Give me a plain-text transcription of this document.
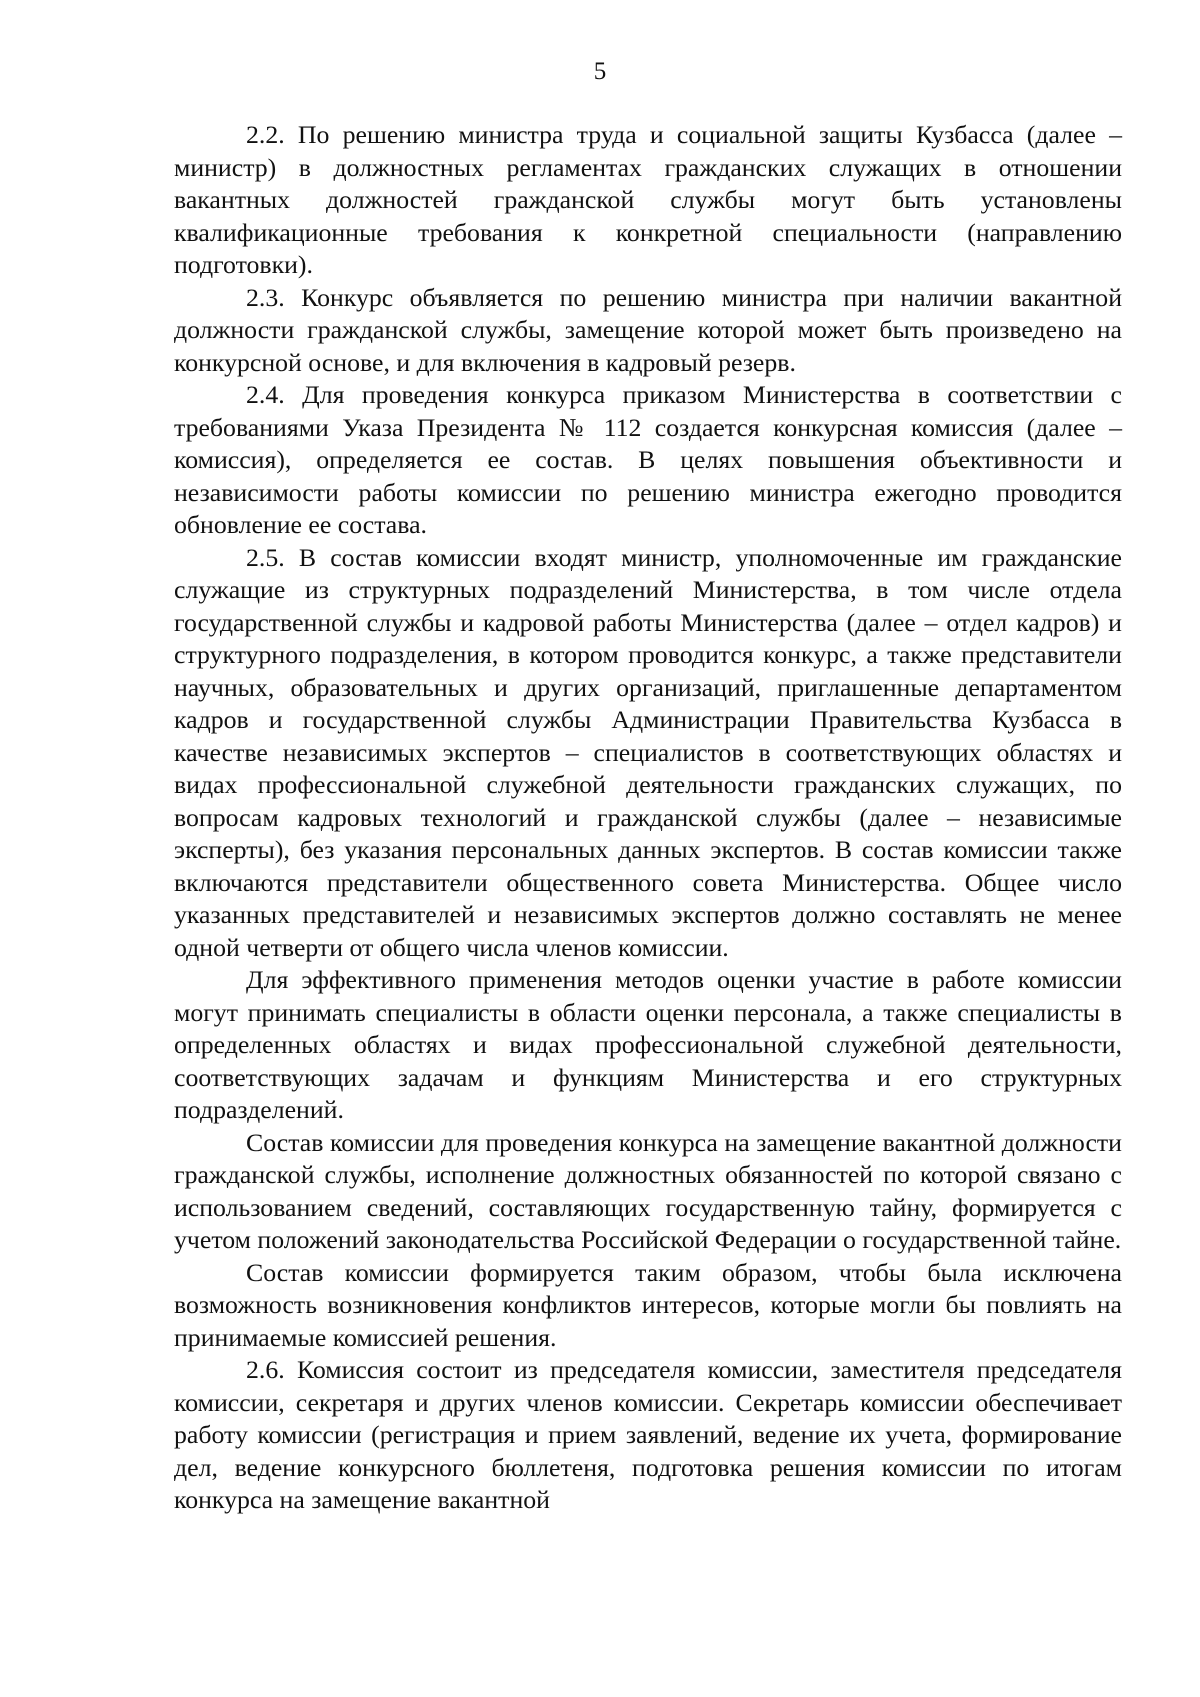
5

2.2. По решению министра труда и социальной защиты Кузбасса (далее – министр) в должностных регламентах гражданских служащих в отношении вакантных должностей гражданской службы могут быть установлены квалификационные требования к конкретной специальности (направлению подготовки).

2.3. Конкурс объявляется по решению министра при наличии вакантной должности гражданской службы, замещение которой может быть произведено на конкурсной основе, и для включения в кадровый резерв.

2.4. Для проведения конкурса приказом Министерства в соответствии с требованиями Указа Президента № 112 создается конкурсная комиссия (далее – комиссия), определяется ее состав. В целях повышения объективности и независимости работы комиссии по решению министра ежегодно проводится обновление ее состава.

2.5. В состав комиссии входят министр, уполномоченные им гражданские служащие из структурных подразделений Министерства, в том числе отдела государственной службы и кадровой работы Министерства (далее – отдел кадров) и структурного подразделения, в котором проводится конкурс, а также представители научных, образовательных и других организаций, приглашенные департаментом кадров и государственной службы Администрации Правительства Кузбасса в качестве независимых экспертов – специалистов в соответствующих областях и видах профессиональной служебной деятельности гражданских служащих, по вопросам кадровых технологий и гражданской службы (далее – независимые эксперты), без указания персональных данных экспертов. В состав комиссии также включаются представители общественного совета Министерства. Общее число указанных представителей и независимых экспертов должно составлять не менее одной четверти от общего числа членов комиссии.

Для эффективного применения методов оценки участие в работе комиссии могут принимать специалисты в области оценки персонала, а также специалисты в определенных областях и видах профессиональной служебной деятельности, соответствующих задачам и функциям Министерства и его структурных подразделений.

Состав комиссии для проведения конкурса на замещение вакантной должности гражданской службы, исполнение должностных обязанностей по которой связано с использованием сведений, составляющих государственную тайну, формируется с учетом положений законодательства Российской Федерации о государственной тайне.

Состав комиссии формируется таким образом, чтобы была исключена возможность возникновения конфликтов интересов, которые могли бы повлиять на принимаемые комиссией решения.

2.6. Комиссия состоит из председателя комиссии, заместителя председателя комиссии, секретаря и других членов комиссии. Секретарь комиссии обеспечивает работу комиссии (регистрация и прием заявлений, ведение их учета, формирование дел, ведение конкурсного бюллетеня, подготовка решения комиссии по итогам конкурса на замещение вакантной
